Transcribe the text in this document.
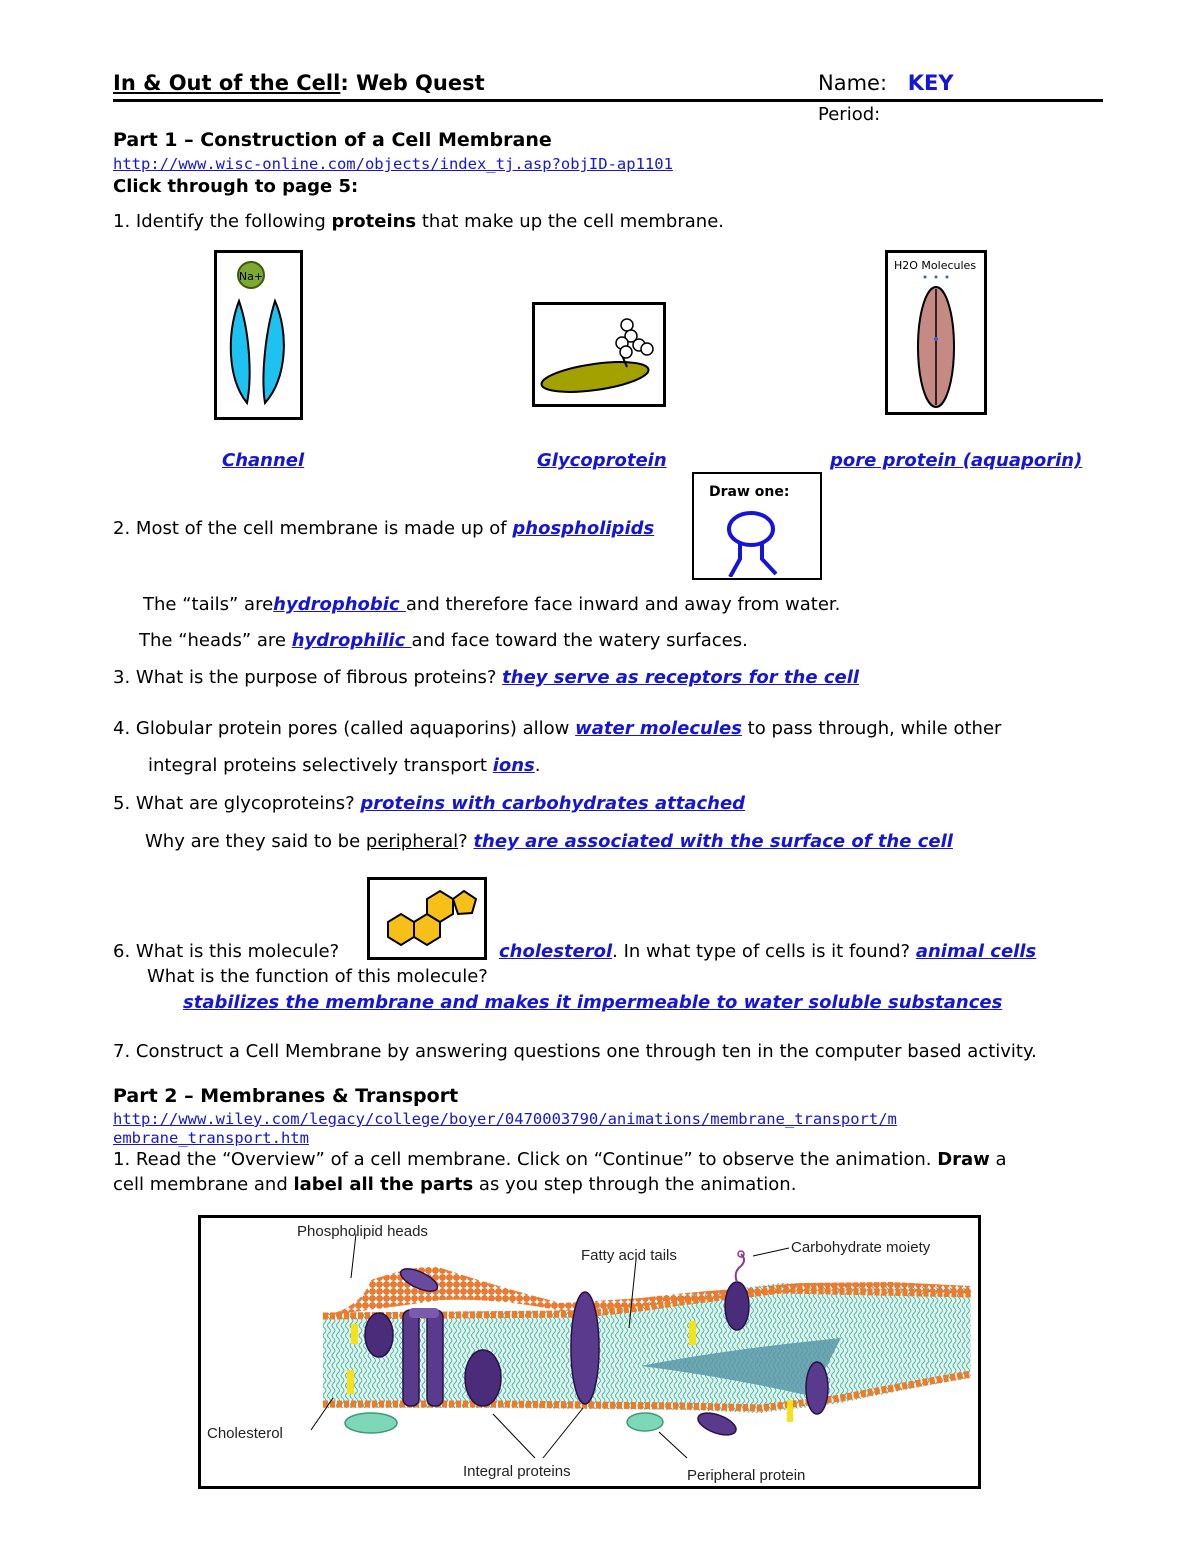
In & Out of the Cell: Web Quest	Name: KEY
Period:
Part 1 – Construction of a Cell Membrane
http://www.wisc-online.com/objects/index_tj.asp?objID-ap1101
Click through to page 5:
1. Identify the following proteins that make up the cell membrane.
Na+
H2O Molecules
Channel	Glycoprotein	pore protein (aquaporin)
2. Most of the cell membrane is made up of phospholipids
Draw one:
The “tails” arehydrophobic and therefore face inward and away from water.
The “heads” are hydrophilic and face toward the watery surfaces.
3. What is the purpose of fibrous proteins? they serve as receptors for the cell
4. Globular protein pores (called aquaporins) allow water molecules to pass through, while other
integral proteins selectively transport ions.
5. What are glycoproteins? proteins with carbohydrates attached
Why are they said to be peripheral? they are associated with the surface of the cell
6. What is this molecule?	cholesterol. In what type of cells is it found? animal cells
What is the function of this molecule?
stabilizes the membrane and makes it impermeable to water soluble substances
7. Construct a Cell Membrane by answering questions one through ten in the computer based activity.
Part 2 – Membranes & Transport
http://www.wiley.com/legacy/college/boyer/0470003790/animations/membrane_transport/m
embrane_transport.htm
1. Read the “Overview” of a cell membrane. Click on “Continue” to observe the animation. Draw a
cell membrane and label all the parts as you step through the animation.
Phospholipid heads
Fatty acid tails	Carbohydrate moiety
Cholesterol
Integral proteins	Peripheral protein
